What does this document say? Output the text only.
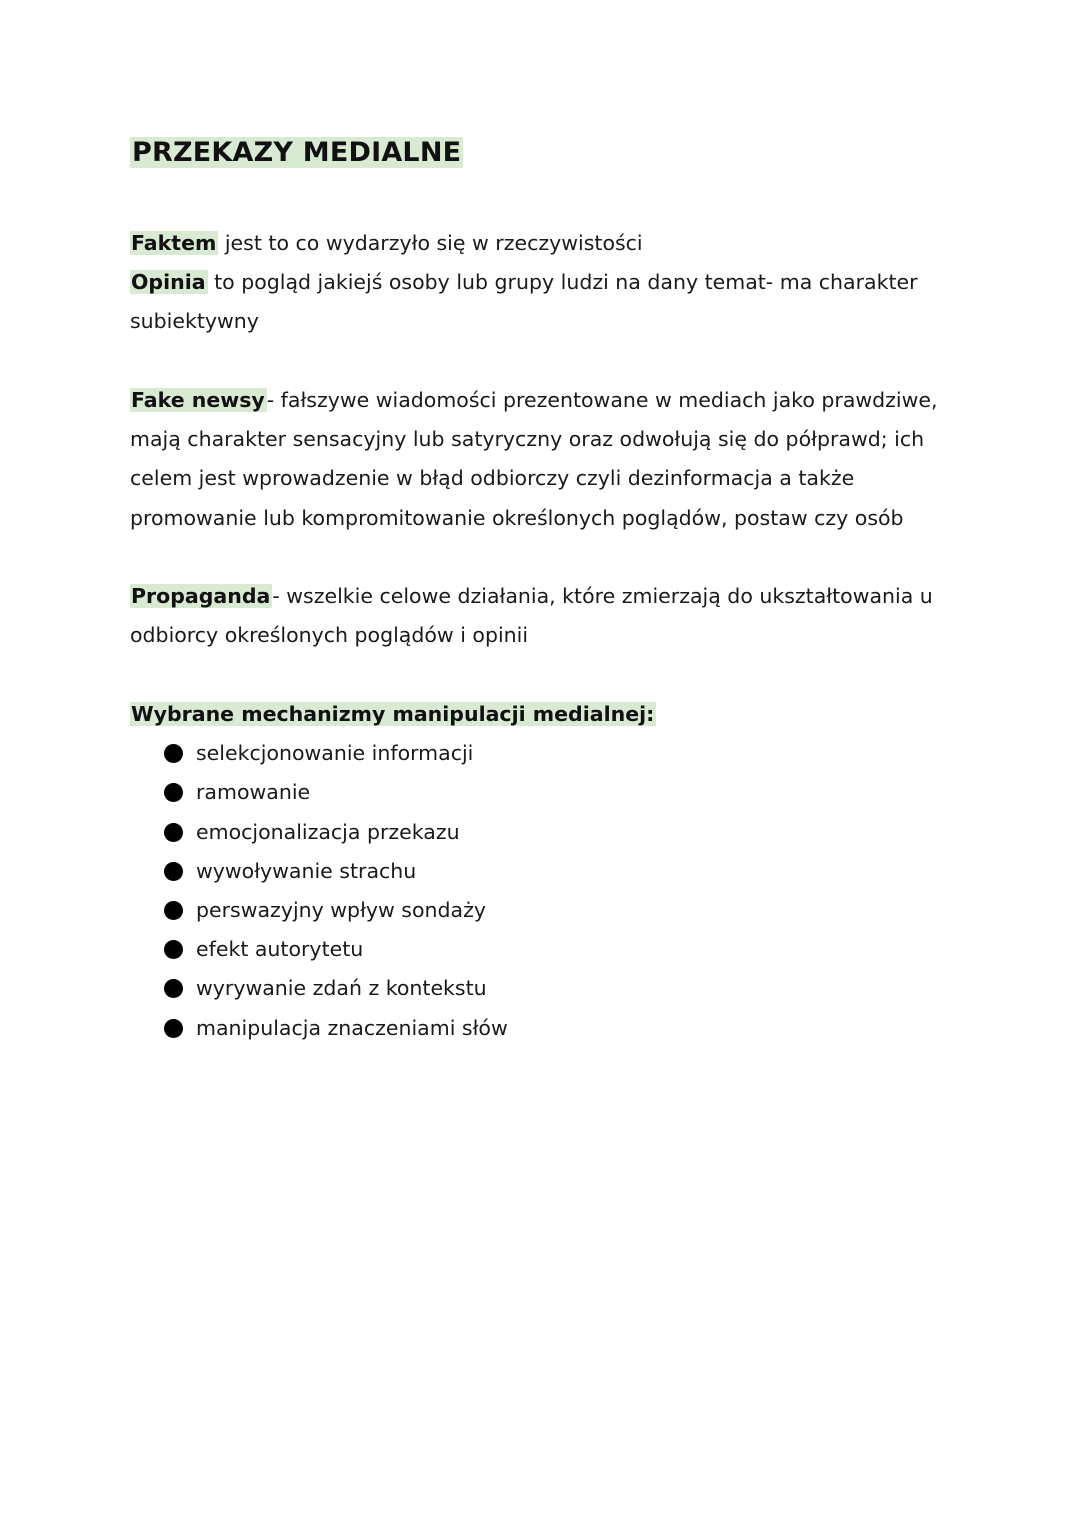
PRZEKAZY MEDIALNE
Faktem jest to co wydarzyło się w rzeczywistości
Opinia to pogląd jakiejś osoby lub grupy ludzi na dany temat- ma charakter
subiektywny
Fake newsy- fałszywe wiadomości prezentowane w mediach jako prawdziwe,
mają charakter sensacyjny lub satyryczny oraz odwołują się do półprawd; ich
celem jest wprowadzenie w błąd odbiorczy czyli dezinformacja a także
promowanie lub kompromitowanie określonych poglądów, postaw czy osób
Propaganda- wszelkie celowe działania, które zmierzają do ukształtowania u
odbiorcy określonych poglądów i opinii
Wybrane mechanizmy manipulacji medialnej:
selekcjonowanie informacji
ramowanie
emocjonalizacja przekazu
wywoływanie strachu
perswazyjny wpływ sondaży
efekt autorytetu
wyrywanie zdań z kontekstu
manipulacja znaczeniami słów
